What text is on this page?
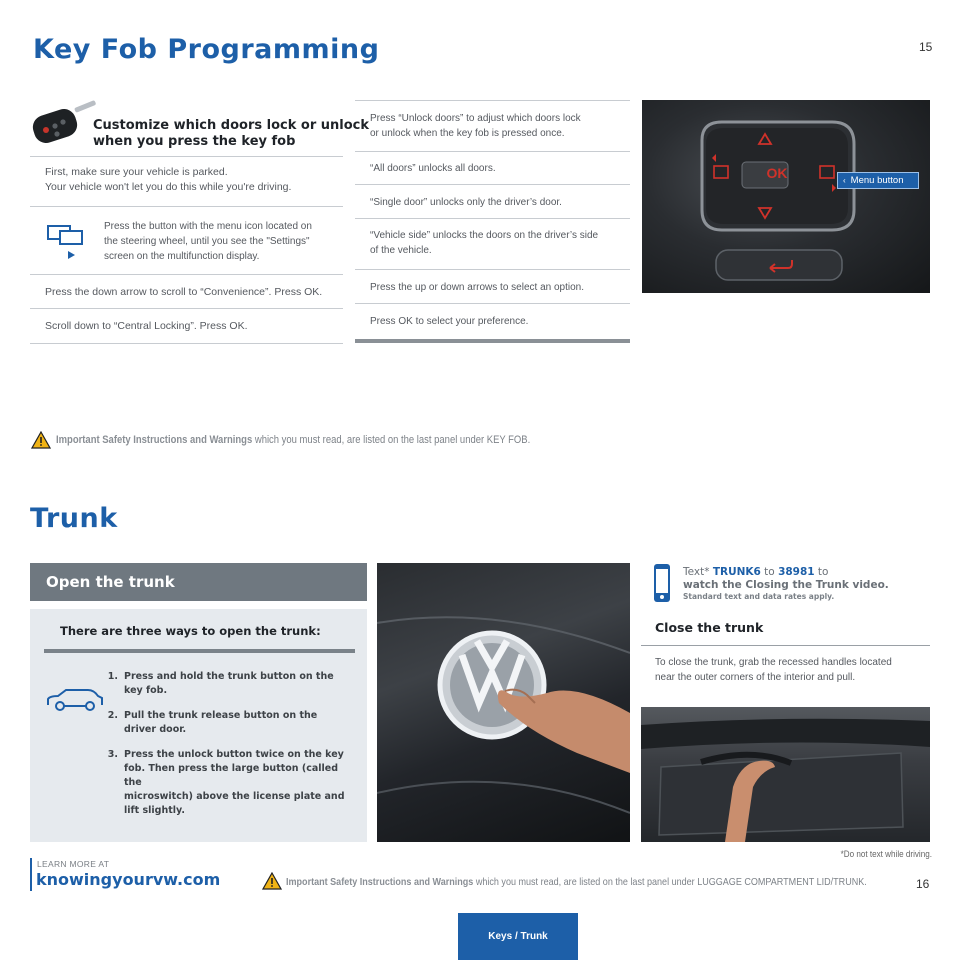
Key Fob Programming	15
Customize which doors lock or unlock
when you press the key fob
First, make sure your vehicle is parked.
Your vehicle won't let you do this while you're driving.
Press the button with the menu icon located on
the steering wheel, until you see the "Settings"
screen on the multifunction display.
Press the down arrow to scroll to “Convenience”. Press OK.
Scroll down to “Central Locking”. Press OK.
Press “Unlock doors” to adjust which doors lock
or unlock when the key fob is pressed once.
“All doors” unlocks all doors.
“Single door” unlocks only the driver’s door.
“Vehicle side” unlocks the doors on the driver’s side
of the vehicle.
Press the up or down arrows to select an option.
Press OK to select your preference.
OK	‹ Menu button
Important Safety Instructions and Warnings which you must read, are listed on the last panel under KEY FOB.
Trunk
Open the trunk
There are three ways to open the trunk:
1. Press and hold the trunk button on the
key fob.
2. Pull the trunk release button on the
driver door.
3. Press the unlock button twice on the key
fob. Then press the large button (called the
microswitch) above the license plate and
lift slightly.
Text* TRUNK6 to 38981 to
watch the Closing the Trunk video.
Standard text and data rates apply.
Close the trunk
To close the trunk, grab the recessed handles located
near the outer corners of the interior and pull.
*Do not text while driving.
LEARN MORE AT
knowingyourvw.com	Important Safety Instructions and Warnings which you must read, are listed on the last panel under LUGGAGE COMPARTMENT LID/TRUNK.	16
Keys / Trunk
